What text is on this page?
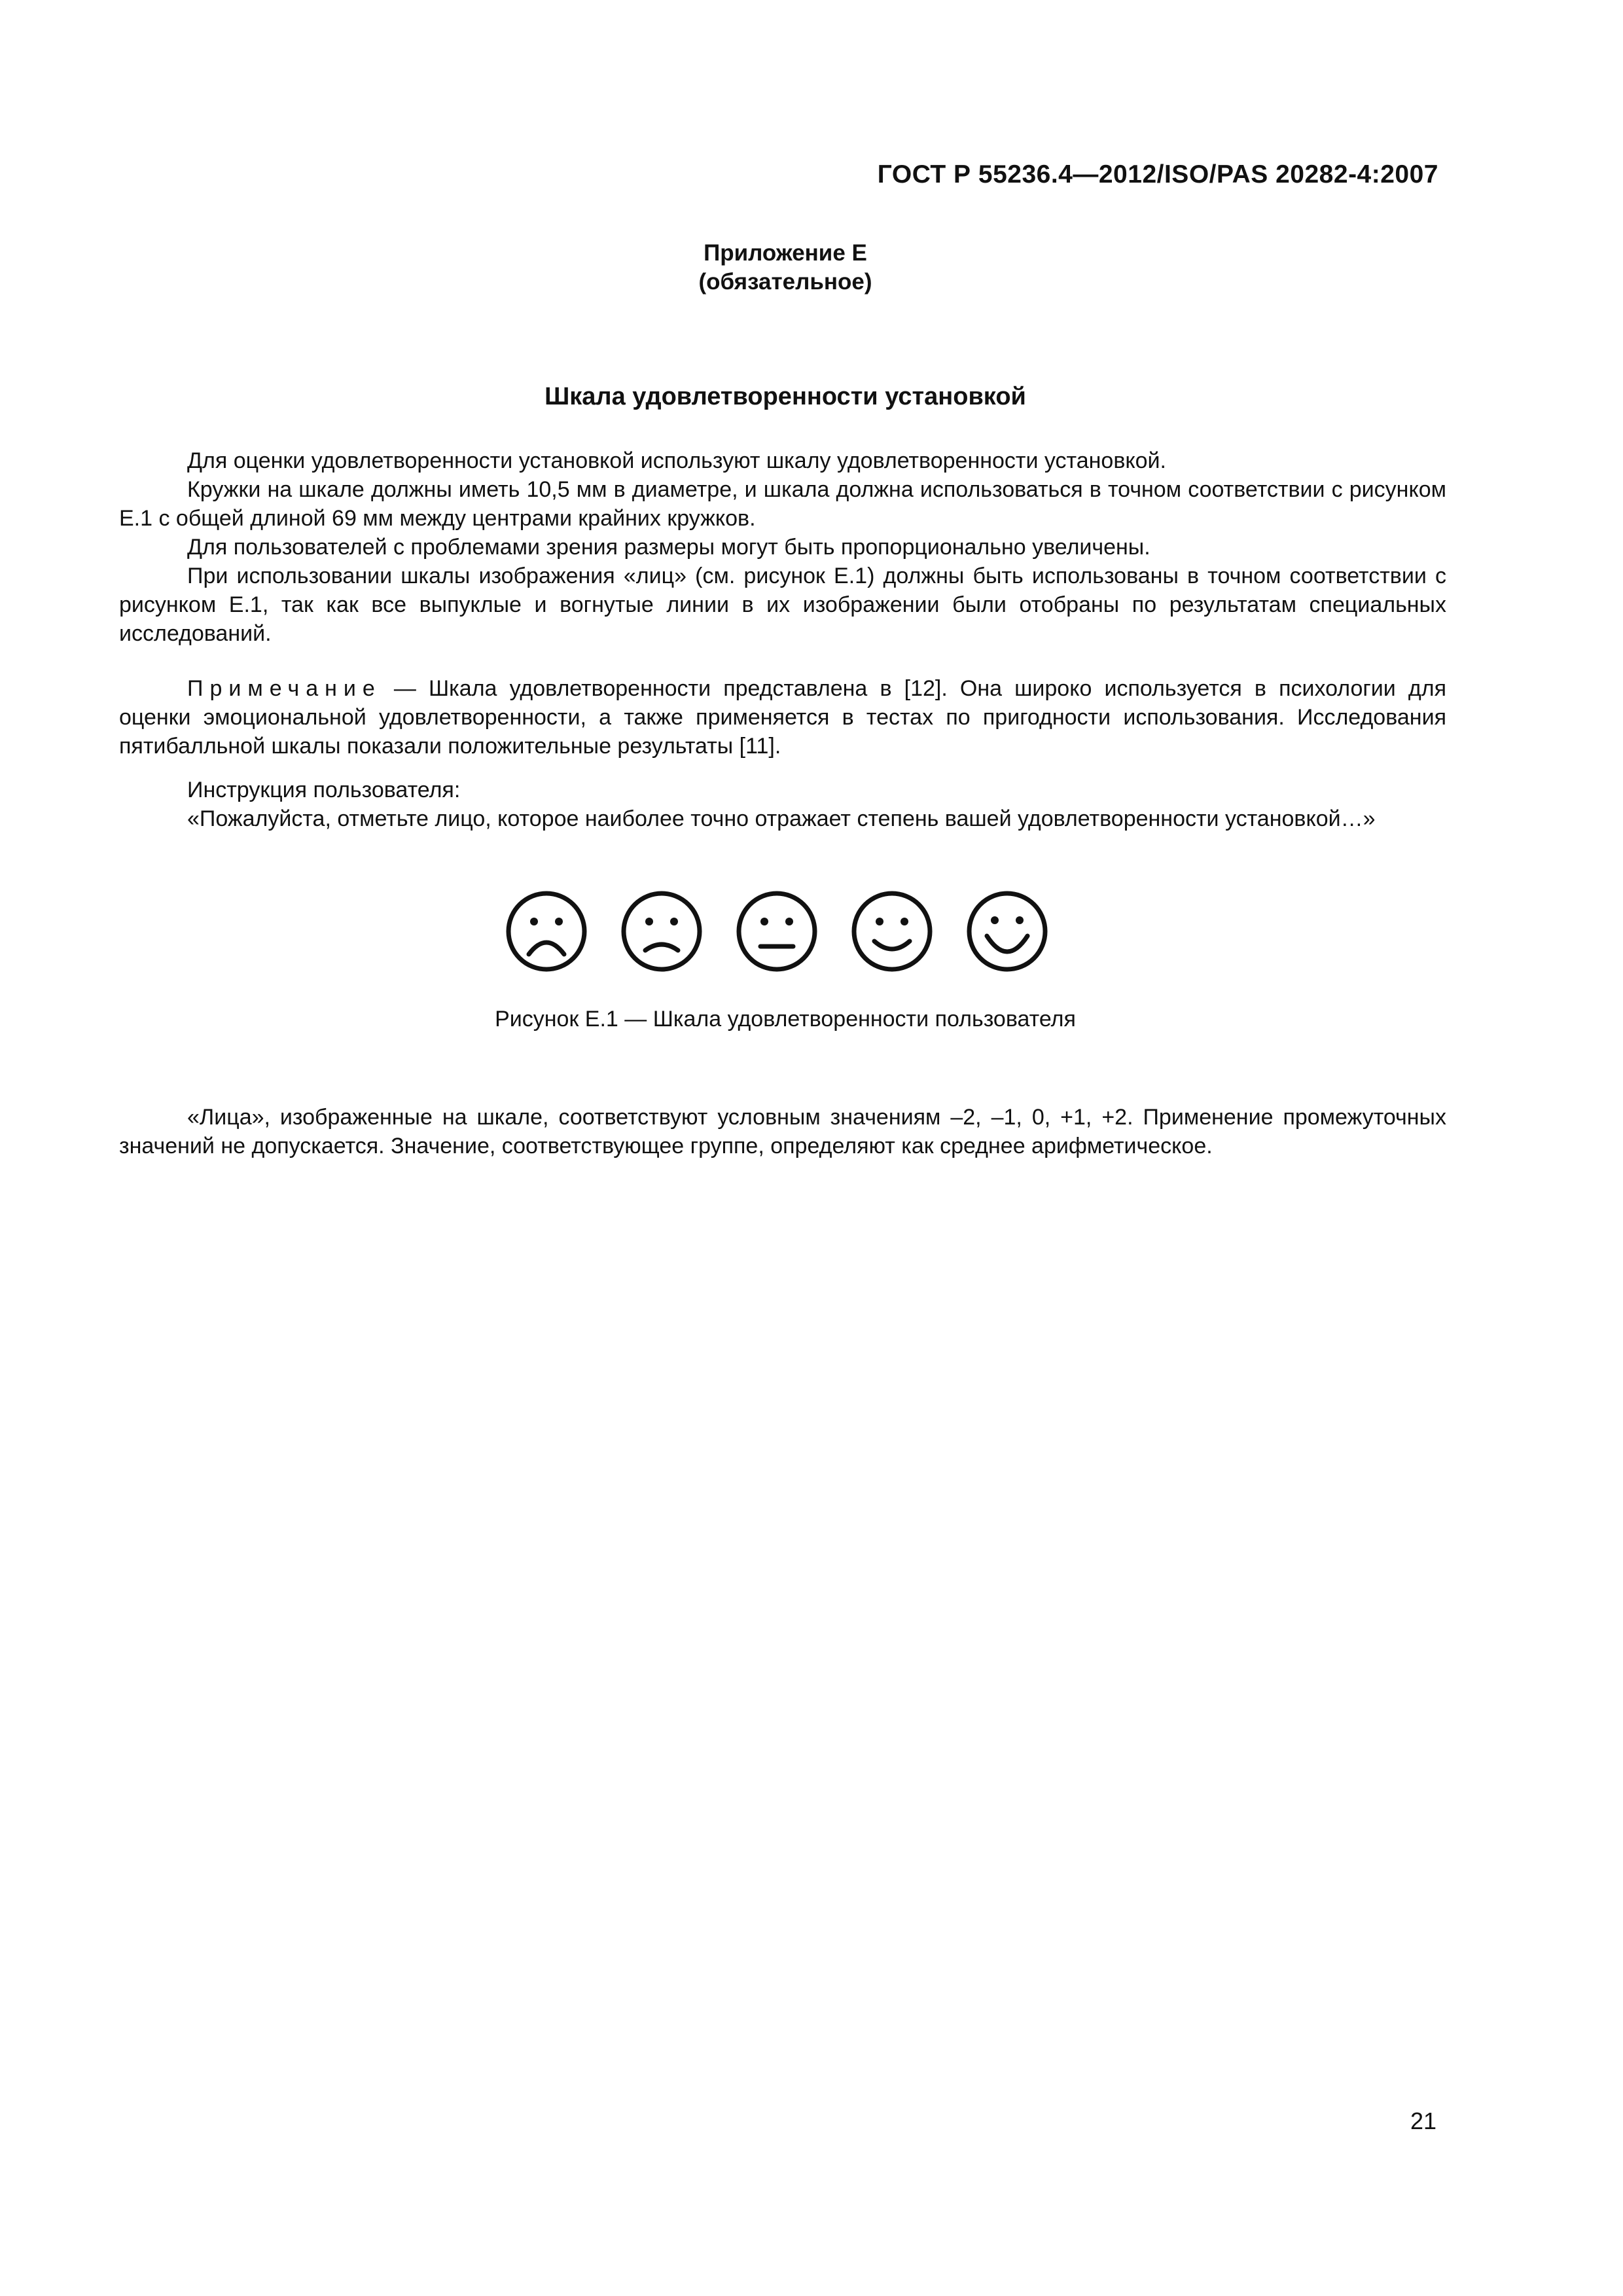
ГОСТ Р 55236.4—2012/ISO/PAS 20282-4:2007
Приложение Е
(обязательное)
Шкала удовлетворенности установкой

Для оценки удовлетворенности установкой используют шкалу удовлетворенности установкой.

Кружки на шкале должны иметь 10,5 мм в диаметре, и шкала должна использоваться в точном соответствии с рисунком Е.1 с общей длиной 69 мм между центрами крайних кружков.

Для пользователей с проблемами зрения размеры могут быть пропорционально увеличены.

При использовании шкалы изображения «лиц» (см. рисунок Е.1) должны быть использованы в точном соответствии с рисунком Е.1, так как все выпуклые и вогнутые линии в их изображении были отобраны по результатам специальных исследований.

Примечание — Шкала удовлетворенности представлена в [12]. Она широко используется в психологии для оценки эмоциональной удовлетворенности, а также применяется в тестах по пригодности использования. Исследования пятибалльной шкалы показали положительные результаты [11].

Инструкция пользователя:

«Пожалуйста, отметьте лицо, которое наиболее точно отражает степень вашей удовлетворенности установкой…»

Рисунок Е.1 — Шкала удовлетворенности пользователя

«Лица», изображенные на шкале, соответствуют условным значениям –2, –1, 0, +1, +2. Применение промежуточных значений не допускается. Значение, соответствующее группе, определяют как среднее арифметическое.

21
